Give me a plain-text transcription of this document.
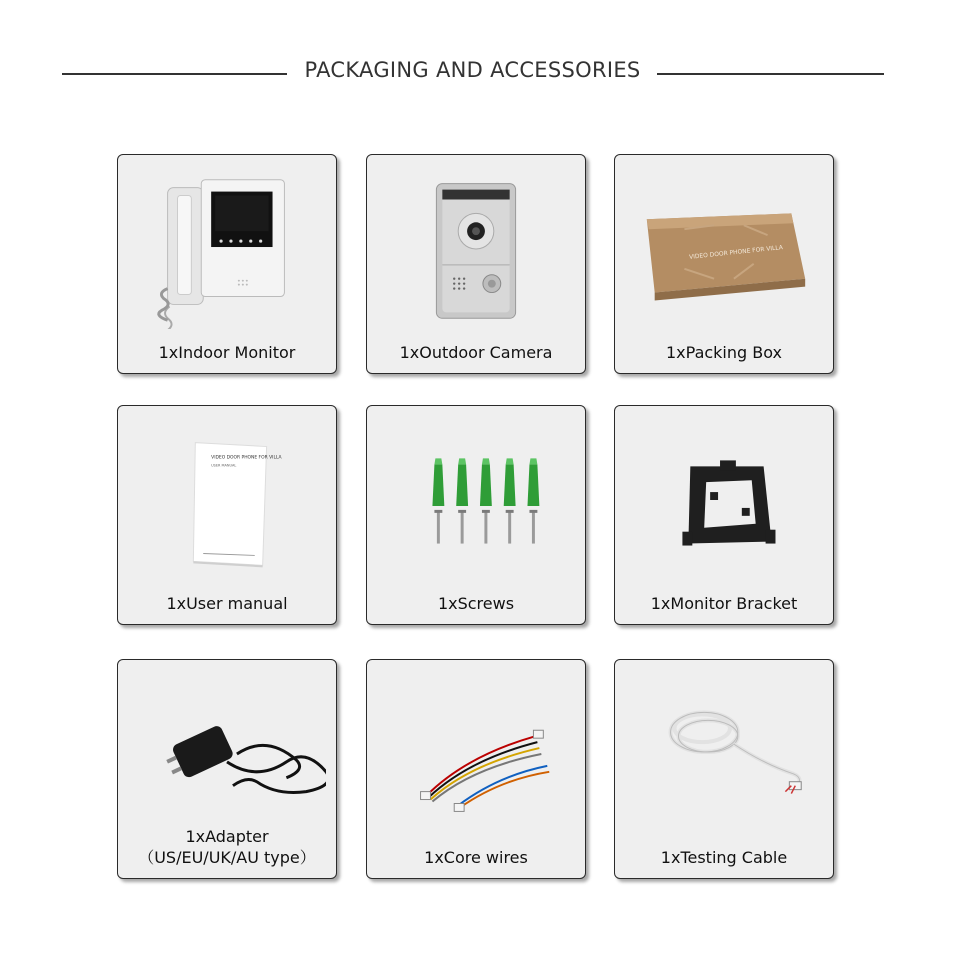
PACKAGING AND ACCESSORIES
1xIndoor Monitor	1xOutdoor Camera
VIDEO DOOR PHONE FOR VILLA
1xPacking Box
VIDEO DOOR PHONE FOR VILLA
USER MANUAL
1xUser manual	1xScrews	1xMonitor Bracket
1xAdapter
（US/EU/UK/AU type）	1xCore wires	1xTesting Cable
